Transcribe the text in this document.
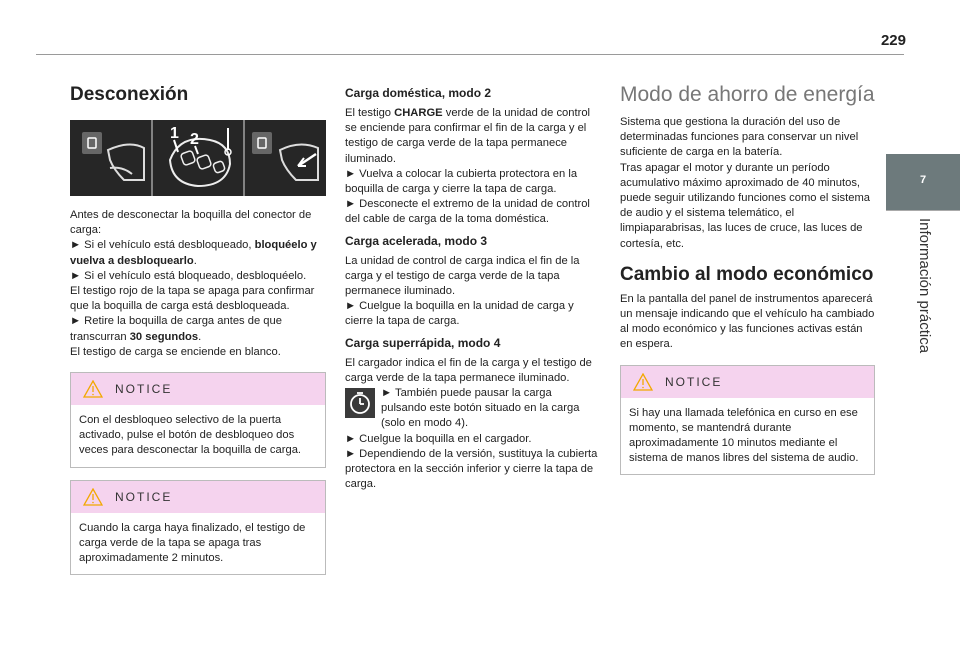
229
7
Información práctica
Desconexión
1 2

Antes de desconectar la boquilla del conector de carga:

► Si el vehículo está desbloqueado, bloquéelo y vuelva a desbloquearlo.

► Si el vehículo está bloqueado, desbloquéelo.

El testigo rojo de la tapa se apaga para confirmar que la boquilla de carga está desbloqueada.

► Retire la boquilla de carga antes de que transcurran 30 segundos.

El testigo de carga se enciende en blanco.

NOTICE
Con el desbloqueo selectivo de la puerta activado, pulse el botón de desbloqueo dos veces para desconectar la boquilla de carga.
NOTICE
Cuando la carga haya finalizado, el testigo de carga verde de la tapa se apaga tras aproximadamente 2 minutos.
Carga doméstica, modo 2

El testigo CHARGE verde de la unidad de control se enciende para confirmar el fin de la carga y el testigo de carga verde de la tapa permanece iluminado.

► Vuelva a colocar la cubierta protectora en la boquilla de carga y cierre la tapa de carga.

► Desconecte el extremo de la unidad de control del cable de carga de la toma doméstica.

Carga acelerada, modo 3

La unidad de control de carga indica el fin de la carga y el testigo de carga verde de la tapa permanece iluminado.

► Cuelgue la boquilla en la unidad de carga y cierre la tapa de carga.

Carga superrápida, modo 4

El cargador indica el fin de la carga y el testigo de carga verde de la tapa permanece iluminado.

► También puede pausar la carga pulsando este botón situado en la carga (solo en modo 4).

► Cuelgue la boquilla en el cargador.

► Dependiendo de la versión, sustituya la cubierta protectora en la sección inferior y cierre la tapa de carga.

Modo de ahorro de energía

Sistema que gestiona la duración del uso de determinadas funciones para conservar un nivel suficiente de carga en la batería.

Tras apagar el motor y durante un período acumulativo máximo aproximado de 40 minutos, puede seguir utilizando funciones como el sistema de audio y el sistema telemático, el limpiaparabrisas, las luces de cruce, las luces de cortesía, etc.

Cambio al modo económico

En la pantalla del panel de instrumentos aparecerá un mensaje indicando que el vehículo ha cambiado al modo económico y las funciones activas están en espera.

NOTICE
Si hay una llamada telefónica en curso en ese momento, se mantendrá durante aproximadamente 10 minutos mediante el sistema de manos libres del sistema de audio.
